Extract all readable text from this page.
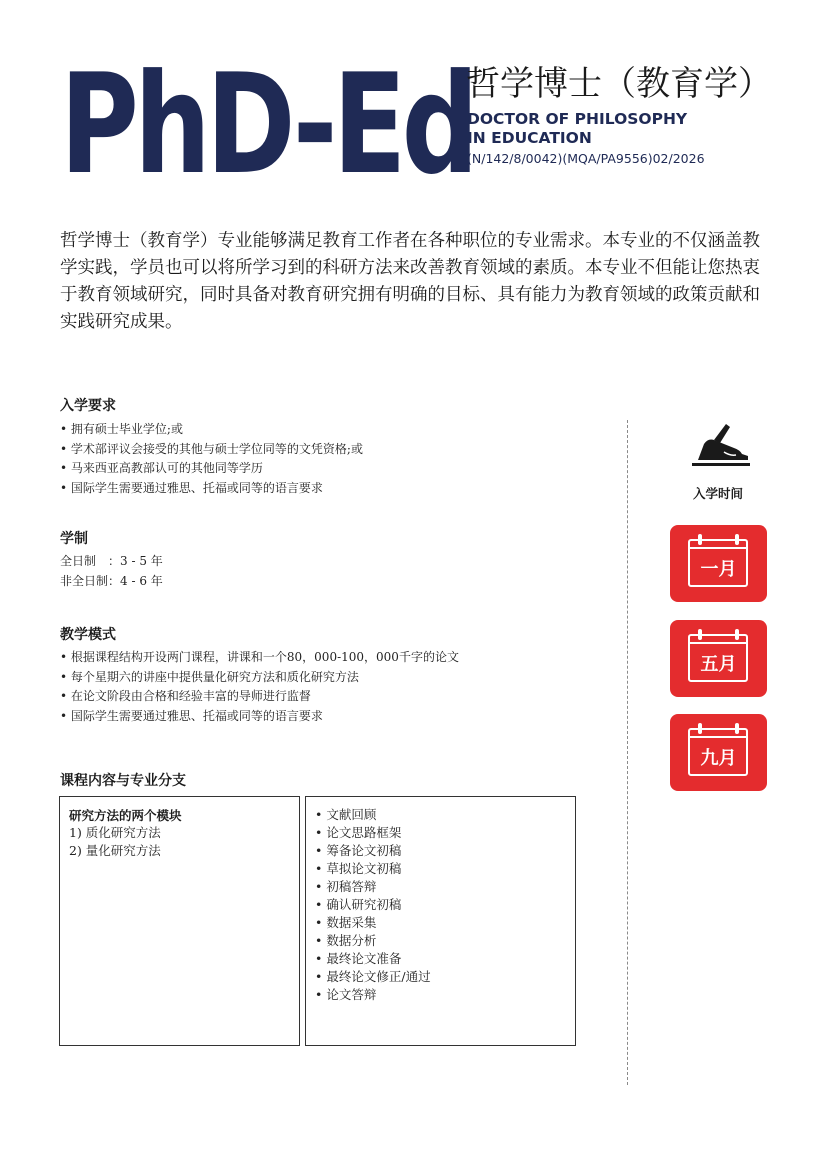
PhD-Ed
哲学博士（教育学）
DOCTOR OF PHILOSOPHY
IN EDUCATION
(N/142/8/0042)(MQA/PA9556)02/2026

哲学博士（教育学）专业能够满足教育工作者在各种职位的专业需求。本专业的不仅涵盖教学实践，学员也可以将所学习到的科研方法来改善教育领域的素质。本专业不但能让您热衷于教育领域研究，同时具备对教育研究拥有明确的目标、具有能力为教育领域的政策贡献和实践研究成果。

入学要求
• 拥有硕士毕业学位;或
• 学术部评议会接受的其他与硕士学位同等的文凭资格;或
• 马来西亚高教部认可的其他同等学历
• 国际学生需要通过雅思、托福或同等的语言要求
学制
全日制　：3 - 5 年
非全日制：4 - 6 年
教学模式
• 根据课程结构开设两门课程，讲课和一个80，000-100，000千字的论文
• 每个星期六的讲座中提供量化研究方法和质化研究方法
• 在论文阶段由合格和经验丰富的导师进行监督
• 国际学生需要通过雅思、托福或同等的语言要求
课程内容与专业分支
研究方法的两个模块
1) 质化研究方法
2) 量化研究方法
• 文献回顾
• 论文思路框架
• 筹备论文初稿
• 草拟论文初稿
• 初稿答辩
• 确认研究初稿
• 数据采集
• 数据分析
• 最终论文准备
• 最终论文修正/通过
• 论文答辩
入学时间
一月
五月
九月
